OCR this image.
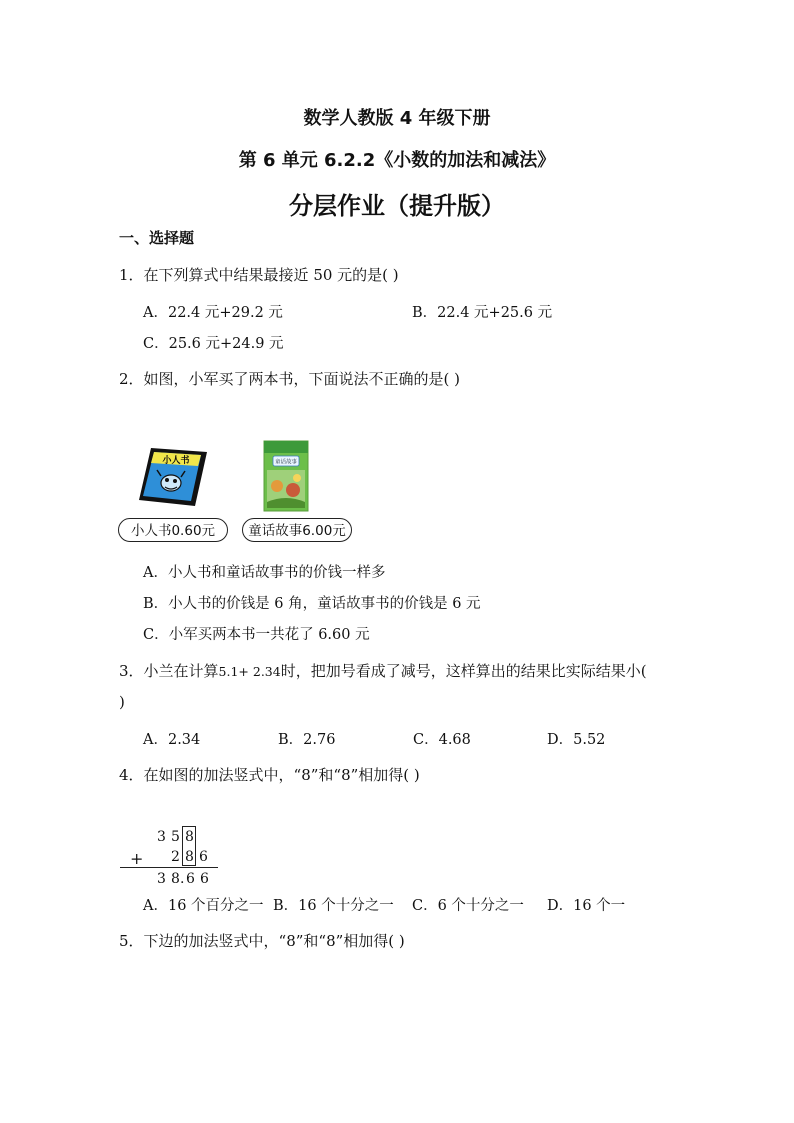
数学人教版 4 年级下册
第 6 单元 6.2.2《小数的加法和减法》
分层作业（提升版）
一、选择题
1．在下列算式中结果最接近 50 元的是( )
A．22.4 元+29.2 元	B．22.4 元+25.6 元
C．25.6 元+24.9 元
2．如图，小军买了两本书，下面说法不正确的是( )
小人书	童话故事
小人书0.60元	童话故事6.00元
A．小人书和童话故事书的价钱一样多
B．小人书的价钱是 6 角，童话故事书的价钱是 6 元
C．小军买两本书一共花了 6.60 元
3．小兰在计算5.1+ 2.34时，把加号看成了减号，这样算出的结果比实际结果小(
)
A．2.34	B．2.76	C．4.68	D．5.52
4．在如图的加法竖式中，“8”和“8”相加得( )
3 5 8
+ 2 8 6
3 8 . 6 6
A．16 个百分之一 B．16 个十分之一 C．6 个十分之一 D．16 个一
5．下边的加法竖式中，“8”和“8”相加得( )
